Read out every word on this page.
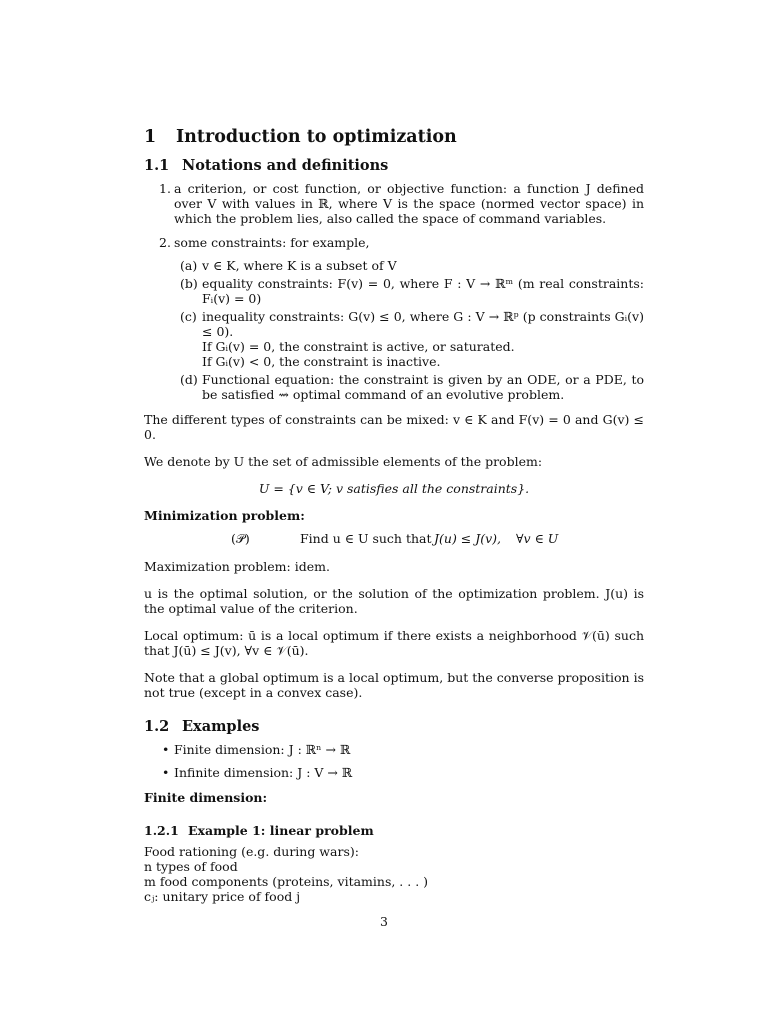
1 Introduction to optimization
1.1 Notations and definitions
1. a criterion, or cost function, or objective function: a function J defined over V with values in ℝ, where V is the space (normed vector space) in which the problem lies, also called the space of command variables.
2. some constraints: for example,
(a) v ∈ K, where K is a subset of V
(b) equality constraints: F(v) = 0, where F : V → ℝᵐ (m real constraints: Fᵢ(v) = 0)
(c) inequality constraints: G(v) ≤ 0, where G : V → ℝᵖ (p constraints Gᵢ(v) ≤ 0).
If Gᵢ(v) = 0, the constraint is active, or saturated.
If Gᵢ(v) < 0, the constraint is inactive.
(d) Functional equation: the constraint is given by an ODE, or a PDE, to be satisfied ⇝ optimal command of an evolutive problem.

The different types of constraints can be mixed: v ∈ K and F(v) = 0 and G(v) ≤ 0.

We denote by U the set of admissible elements of the problem:

U = {v ∈ V; v satisfies all the constraints}.

Minimization problem:

(𝒫)	Find u ∈ U such that J(u) ≤ J(v), ∀v ∈ U

Maximization problem: idem.

u is the optimal solution, or the solution of the optimization problem. J(u) is the optimal value of the criterion.

Local optimum: ū is a local optimum if there exists a neighborhood 𝒱(ū) such that J(ū) ≤ J(v), ∀v ∈ 𝒱(ū).

Note that a global optimum is a local optimum, but the converse proposition is not true (except in a convex case).

1.2 Examples
• Finite dimension: J : ℝⁿ → ℝ
• Infinite dimension: J : V → ℝ

Finite dimension:

1.2.1 Example 1: linear problem
Food rationing (e.g. during wars):
n types of food
m food components (proteins, vitamins, . . . )
cⱼ: unitary price of food j
3
